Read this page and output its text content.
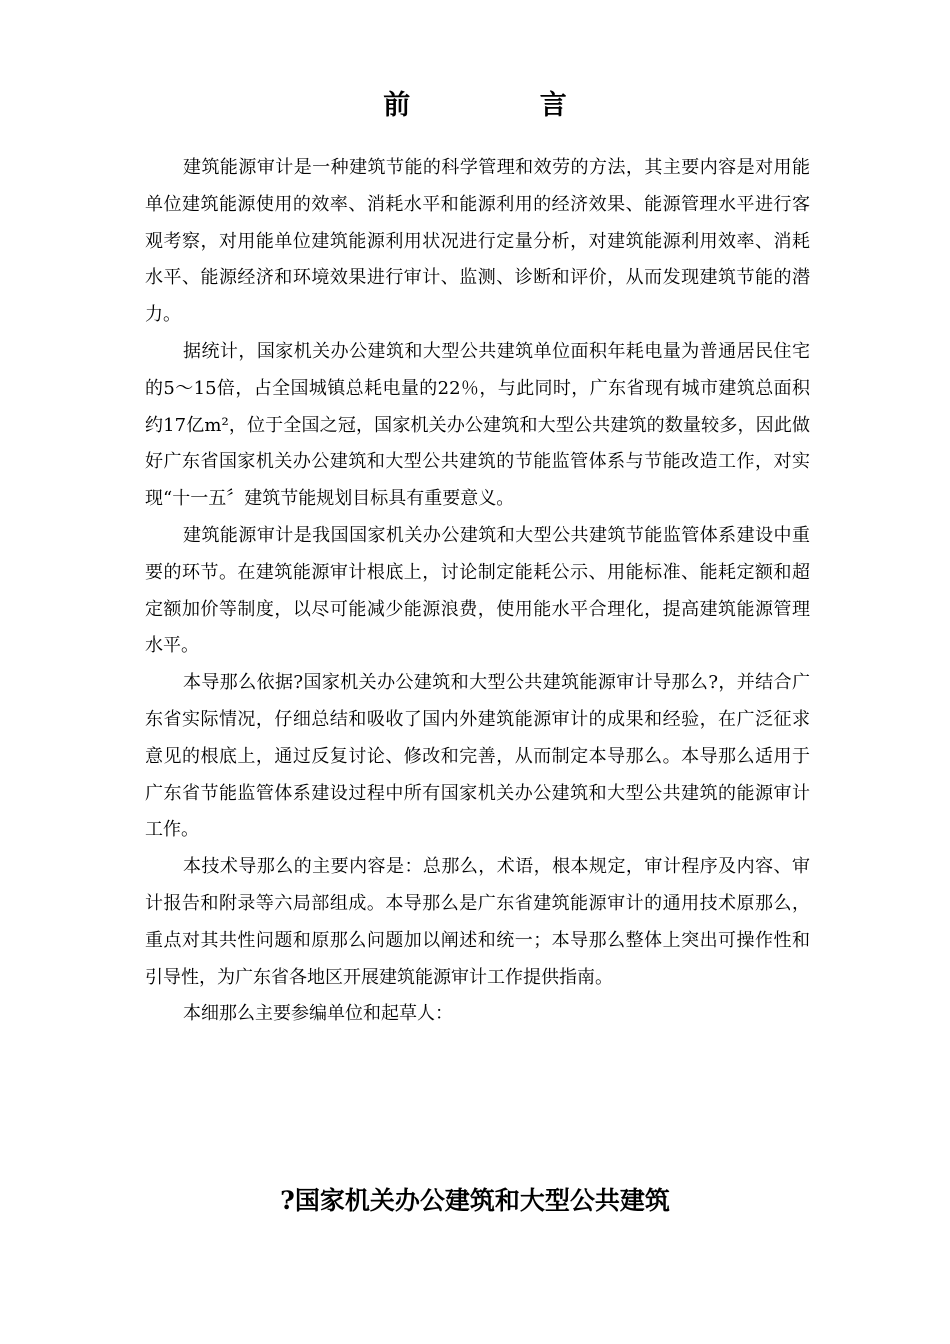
前 言

建筑能源审计是一种建筑节能的科学管理和效劳的方法，其主要内容是对用能单位建筑能源使用的效率、消耗水平和能源利用的经济效果、能源管理水平进行客观考察，对用能单位建筑能源利用状况进行定量分析，对建筑能源利用效率、消耗水平、能源经济和环境效果进行审计、监测、诊断和评价，从而发现建筑节能的潜力。

据统计，国家机关办公建筑和大型公共建筑单位面积年耗电量为普通居民住宅的5～15倍，占全国城镇总耗电量的22％，与此同时，广东省现有城市建筑总面积约17亿m²，位于全国之冠，国家机关办公建筑和大型公共建筑的数量较多，因此做好广东省国家机关办公建筑和大型公共建筑的节能监管体系与节能改造工作，对实现“十一五〞建筑节能规划目标具有重要意义。

建筑能源审计是我国国家机关办公建筑和大型公共建筑节能监管体系建设中重要的环节。在建筑能源审计根底上，讨论制定能耗公示、用能标准、能耗定额和超定额加价等制度，以尽可能减少能源浪费，使用能水平合理化，提高建筑能源管理水平。

本导那么依据?国家机关办公建筑和大型公共建筑能源审计导那么?，并结合广东省实际情况，仔细总结和吸收了国内外建筑能源审计的成果和经验，在广泛征求意见的根底上，通过反复讨论、修改和完善，从而制定本导那么。本导那么适用于广东省节能监管体系建设过程中所有国家机关办公建筑和大型公共建筑的能源审计工作。

本技术导那么的主要内容是：总那么，术语，根本规定，审计程序及内容、审计报告和附录等六局部组成。本导那么是广东省建筑能源审计的通用技术原那么，重点对其共性问题和原那么问题加以阐述和统一；本导那么整体上突出可操作性和引导性，为广东省各地区开展建筑能源审计工作提供指南。

本细那么主要参编单位和起草人：

?国家机关办公建筑和大型公共建筑
